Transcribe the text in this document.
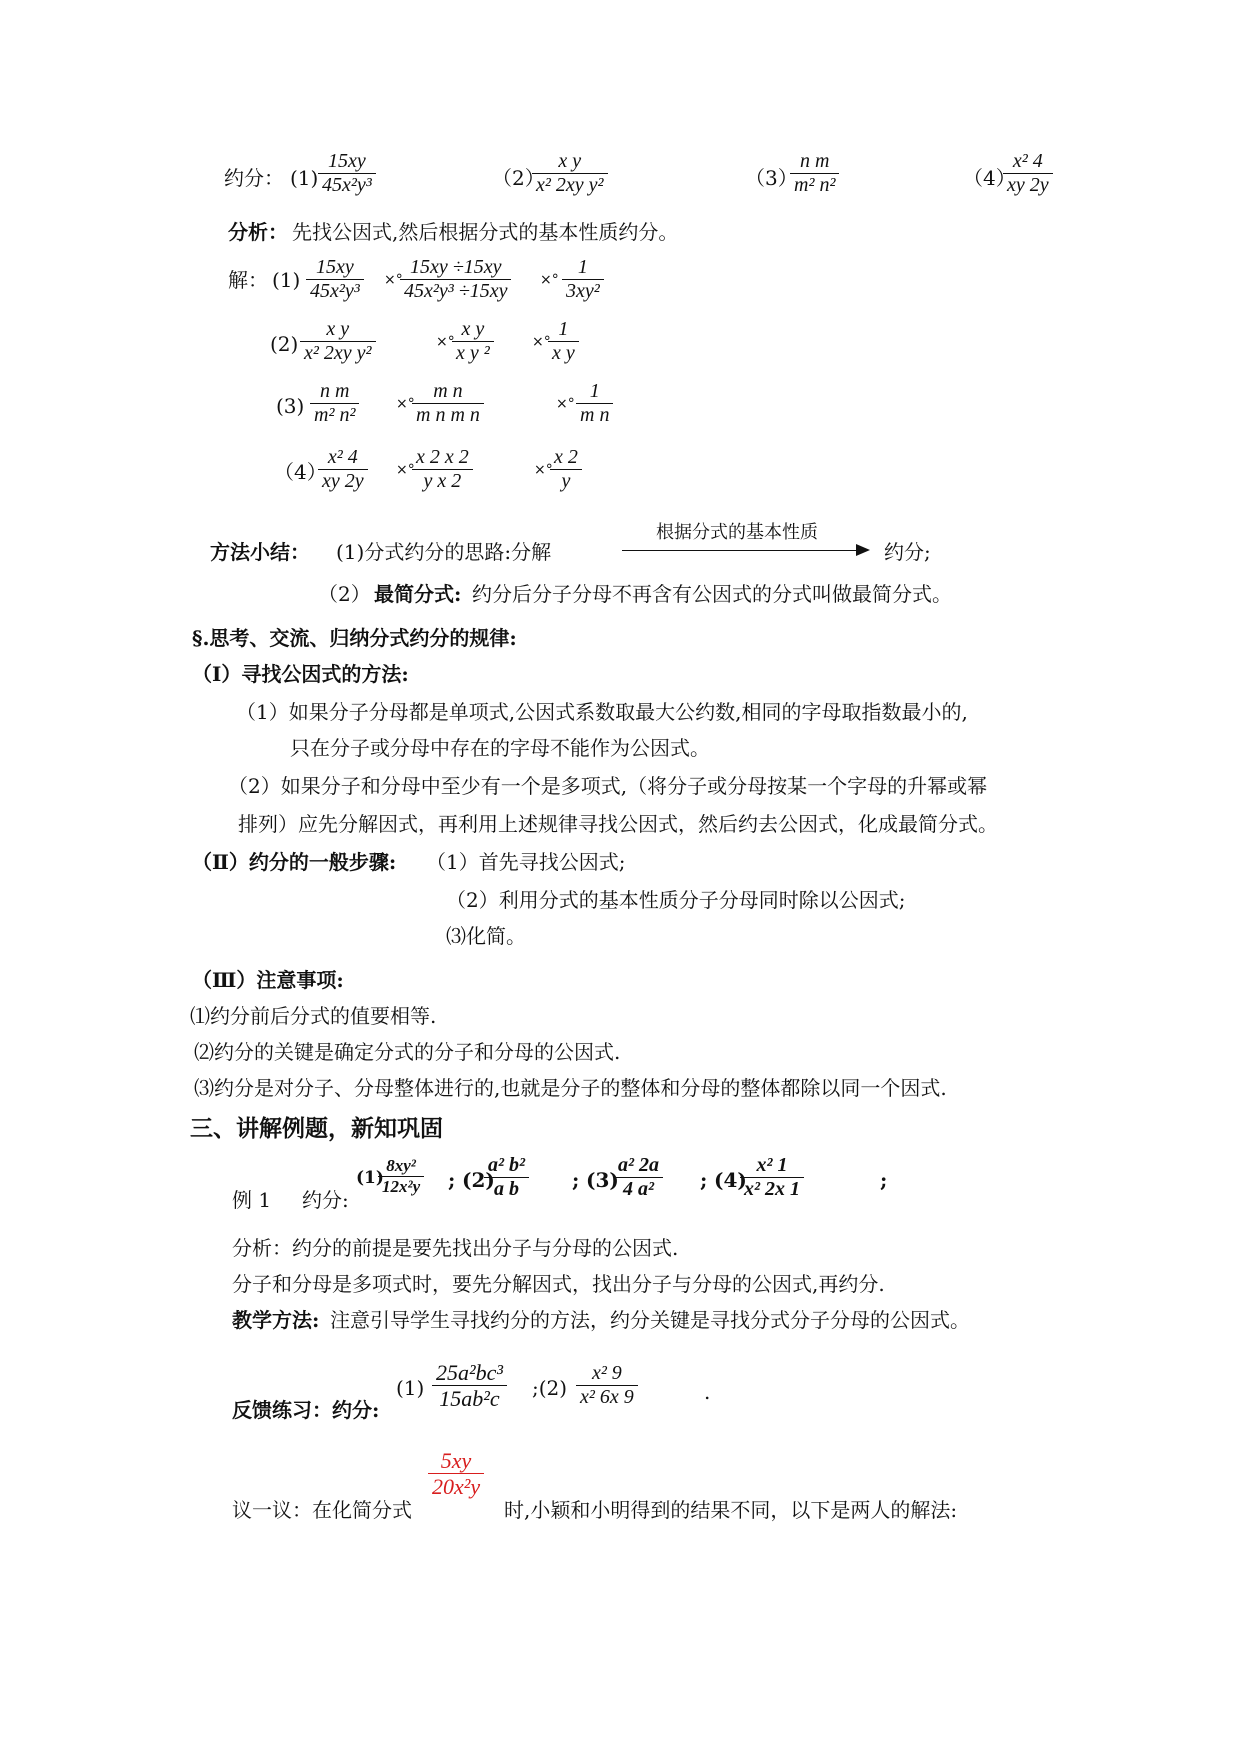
约分： (1)
15xy
45x²y³	（2）
x y
x² 2xy y²	（3）
n m
m² n²	（4）
x² 4
xy 2y
分析： 先找公因式,然后根据分式的基本性质约分。
解： (1)
15xy
45x²y³ ×°
15xy ÷15xy
45x²y³ ÷15xy ×°
1
3xy²
(2)
x y
x² 2xy y²	×°
x y
x y ²	×°
1
x y
(3)
n m
m² n²	×°
m n
m n m n	×°
1
m n
（4）
x² 4
xy 2y ×°
x 2 x 2
y x 2	×°
x 2
y
方法小结： (1)分式约分的思路:分解
根据分式的基本性质
约分;
（2） 最简分式: 约分后分子分母不再含有公因式的分式叫做最简分式。
§.思考、交流、归纳分式约分的规律:
（Ⅰ）寻找公因式的方法:
（1）如果分子分母都是单项式,公因式系数取最大公约数,相同的字母取指数最小的,
只在分子或分母中存在的字母不能作为公因式。
（2）如果分子和分母中至少有一个是多项式,（将分子或分母按某一个字母的升幂或幂
排列）应先分解因式，再利用上述规律寻找公因式，然后约去公因式，化成最简分式。
（Ⅱ）约分的一般步骤: （1）首先寻找公因式;
（2）利用分式的基本性质分子分母同时除以公因式;
⑶化简。
（Ⅲ）注意事项:
⑴约分前后分式的值要相等.
⑵约分的关键是确定分式的分子和分母的公因式.
⑶约分是对分子、分母整体进行的,也就是分子的整体和分母的整体都除以同一个因式.
三、讲解例题，新知巩固
例 1 约分:
(1)
8xy²
12x²y ; (2)
a² b²
a b	; (3)
a² 2a
4 a² ; (4)
x² 1
x² 2x 1	;
分析：约分的前提是要先找出分子与分母的公因式.
分子和分母是多项式时，要先分解因式，找出分子与分母的公因式,再约分.
教学方法: 注意引导学生寻找约分的方法，约分关键是寻找分式分子分母的公因式。
反馈练习：约分:
(1)
25a²bc³
15ab²c ;(2)
x² 9
x² 6x 9	.
议一议：在化简分式
5xy
20x²y
时,小颖和小明得到的结果不同，以下是两人的解法:
